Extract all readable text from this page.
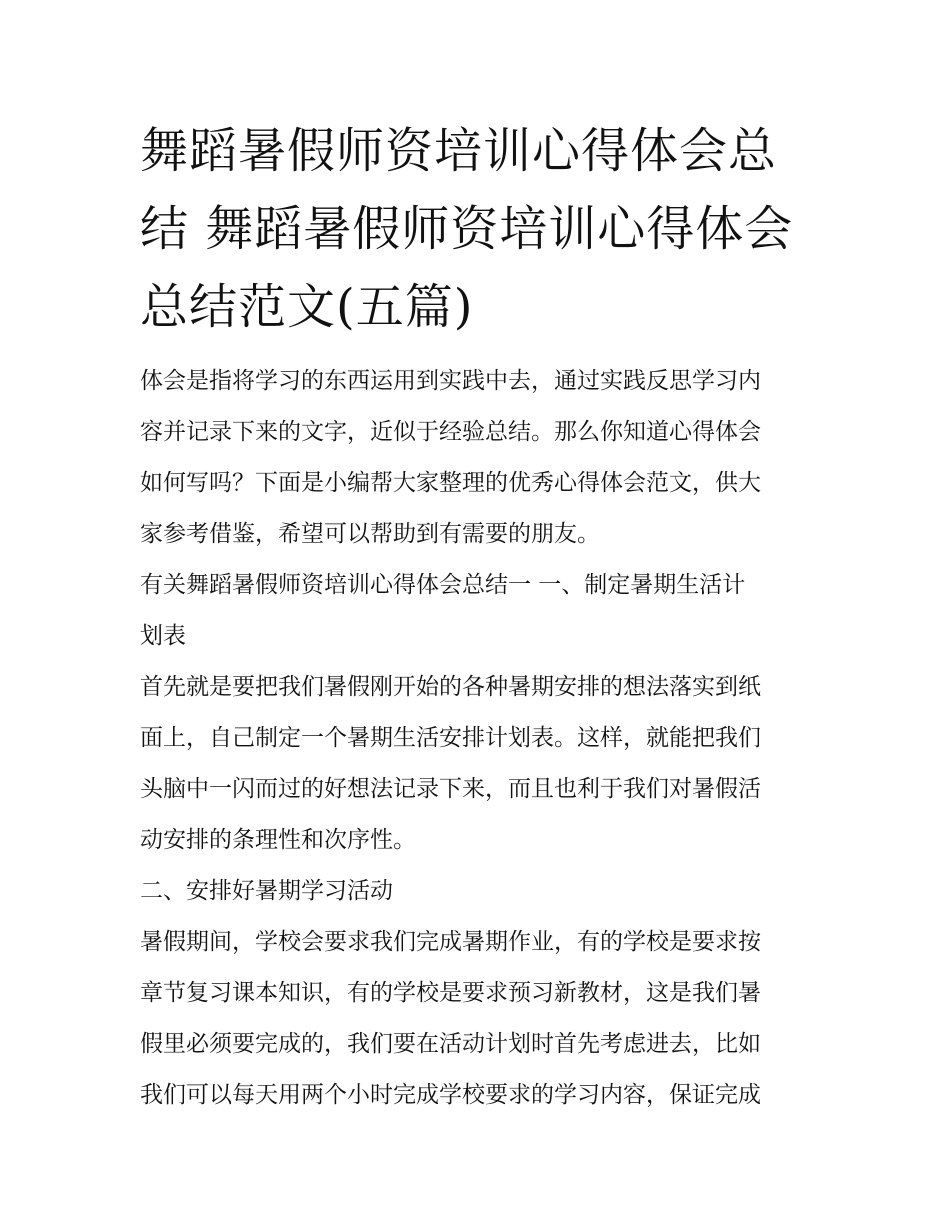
舞蹈暑假师资培训心得体会总
结 舞蹈暑假师资培训心得体会
总结范文(五篇)

体会是指将学习的东西运用到实践中去，通过实践反思学习内
容并记录下来的文字，近似于经验总结。那么你知道心得体会
如何写吗？下面是小编帮大家整理的优秀心得体会范文，供大
家参考借鉴，希望可以帮助到有需要的朋友。

有关舞蹈暑假师资培训心得体会总结一 一、制定暑期生活计
划表

首先就是要把我们暑假刚开始的各种暑期安排的想法落实到纸
面上，自己制定一个暑期生活安排计划表。这样，就能把我们
头脑中一闪而过的好想法记录下来，而且也利于我们对暑假活
动安排的条理性和次序性。

二、安排好暑期学习活动

暑假期间，学校会要求我们完成暑期作业，有的学校是要求按
章节复习课本知识，有的学校是要求预习新教材，这是我们暑
假里必须要完成的，我们要在活动计划时首先考虑进去，比如
我们可以每天用两个小时完成学校要求的学习内容，保证完成
